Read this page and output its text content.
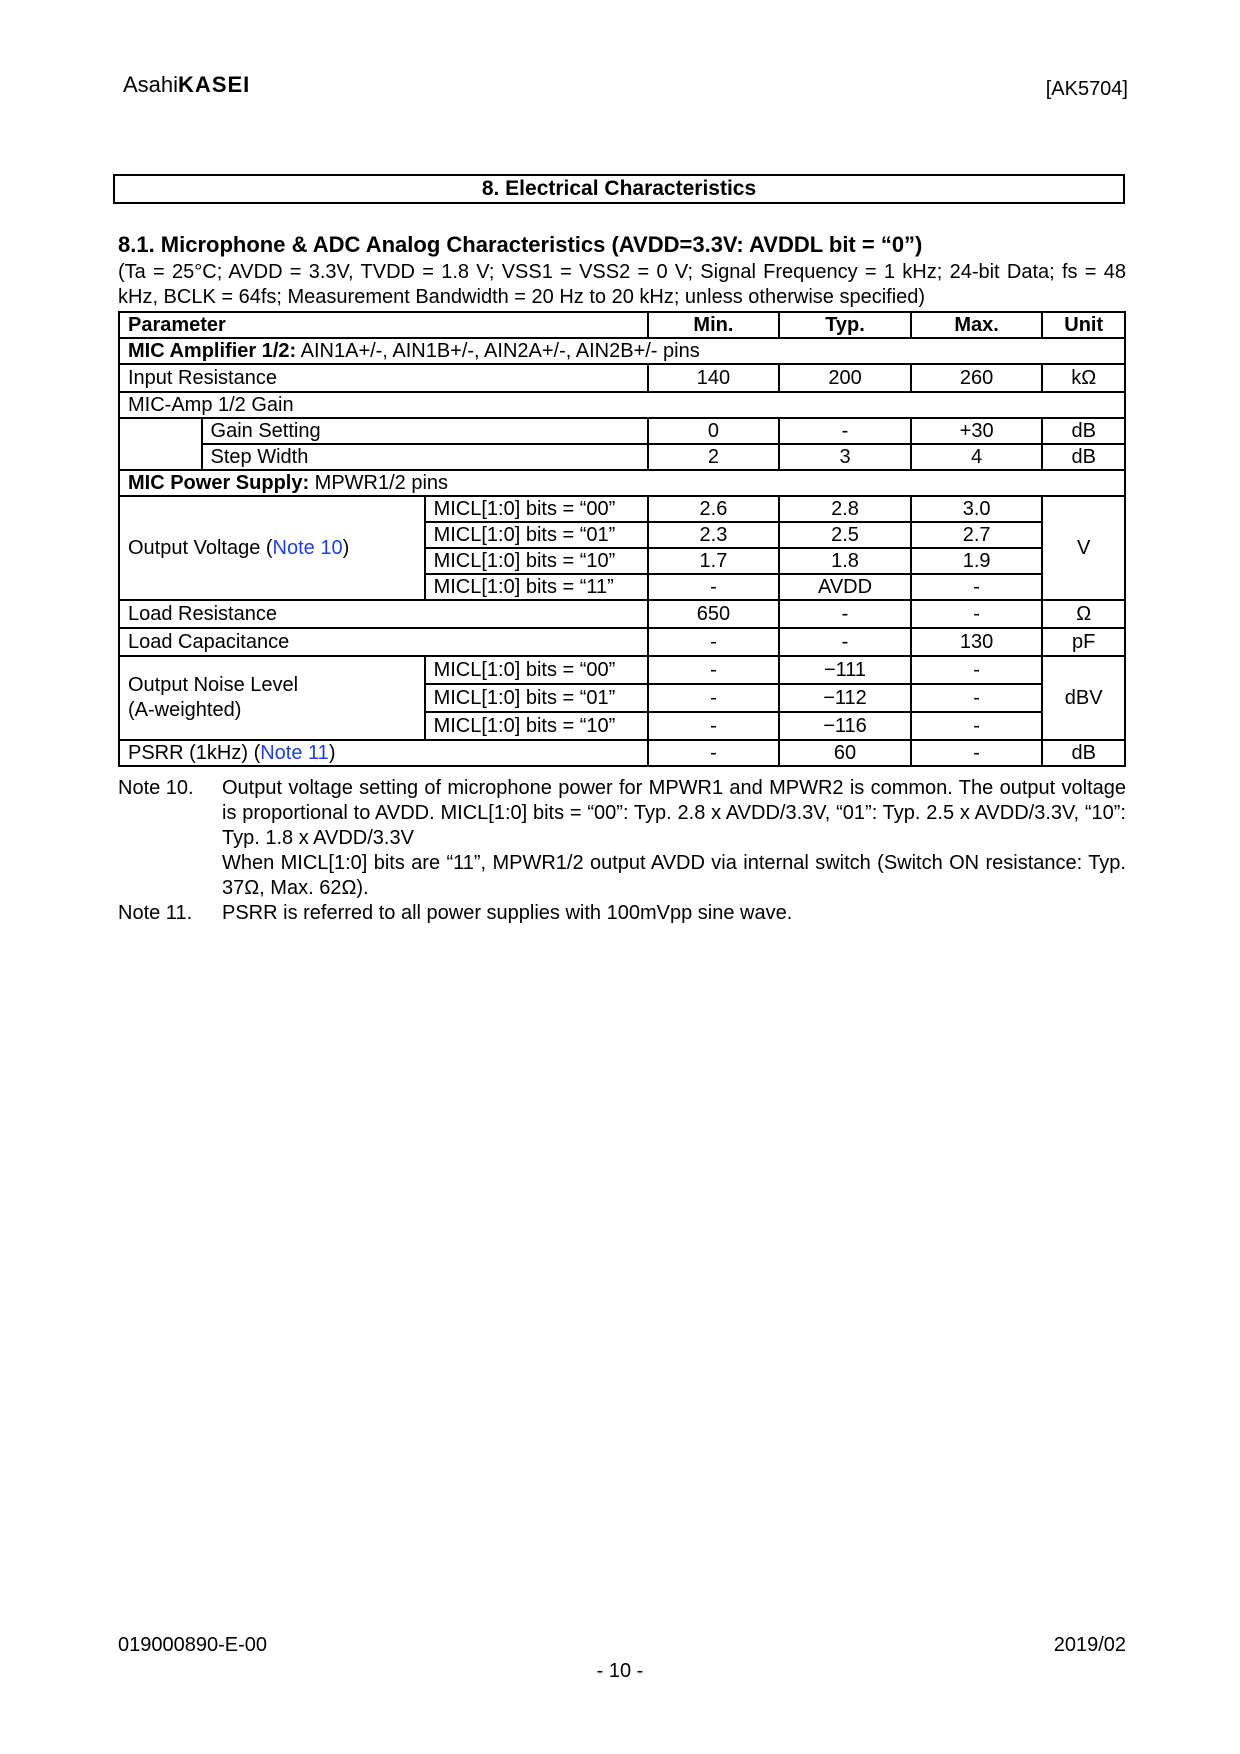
AsahiKASEI	[AK5704]
8. Electrical Characteristics
8.1. Microphone & ADC Analog Characteristics (AVDD=3.3V: AVDDL bit = “0”)
(Ta = 25°C; AVDD = 3.3V, TVDD = 1.8 V; VSS1 = VSS2 = 0 V; Signal Frequency = 1 kHz; 24-bit Data; fs = 48 kHz, BCLK = 64fs; Measurement Bandwidth = 20 Hz to 20 kHz; unless otherwise specified)
Parameter			Min.	Typ.	Max.	Unit
MIC Amplifier 1/2: AIN1A+/-, AIN1B+/-, AIN2A+/-, AIN2B+/- pins						
Input Resistance			140	200	260	kΩ
MIC-Amp 1/2 Gain						
	Gain Setting		0	-	+30	dB
	Step Width		2	3	4	dB
MIC Power Supply: MPWR1/2 pins						
Output Voltage (Note 10)		MICL[1:0] bits = “00”	2.6	2.8	3.0	V
		MICL[1:0] bits = “01”	2.3	2.5	2.7	
		MICL[1:0] bits = “10”	1.7	1.8	1.9	
		MICL[1:0] bits = “11”	-	AVDD	-	
Load Resistance			650	-	-	Ω
Load Capacitance			-	-	130	pF

Output Noise Level
(A-weighted)		MICL[1:0] bits = “00”	-	−111	-	dBV
		MICL[1:0] bits = “01”	-	−112	-	
		MICL[1:0] bits = “10”	-	−116	-	
PSRR (1kHz) (Note 11)			-	60	-	dB
Note 10.	Output voltage setting of microphone power for MPWR1 and MPWR2 is common. The output voltage is proportional to AVDD. MICL[1:0] bits = “00”: Typ. 2.8 x AVDD/3.3V, “01”: Typ. 2.5 x AVDD/3.3V, “10”: Typ. 1.8 x AVDD/3.3V
When MICL[1:0] bits are “11”, MPWR1/2 output AVDD via internal switch (Switch ON resistance: Typ. 37Ω, Max. 62Ω).
Note 11.	PSRR is referred to all power supplies with 100mVpp sine wave.
019000890-E-00	2019/02
- 10 -
